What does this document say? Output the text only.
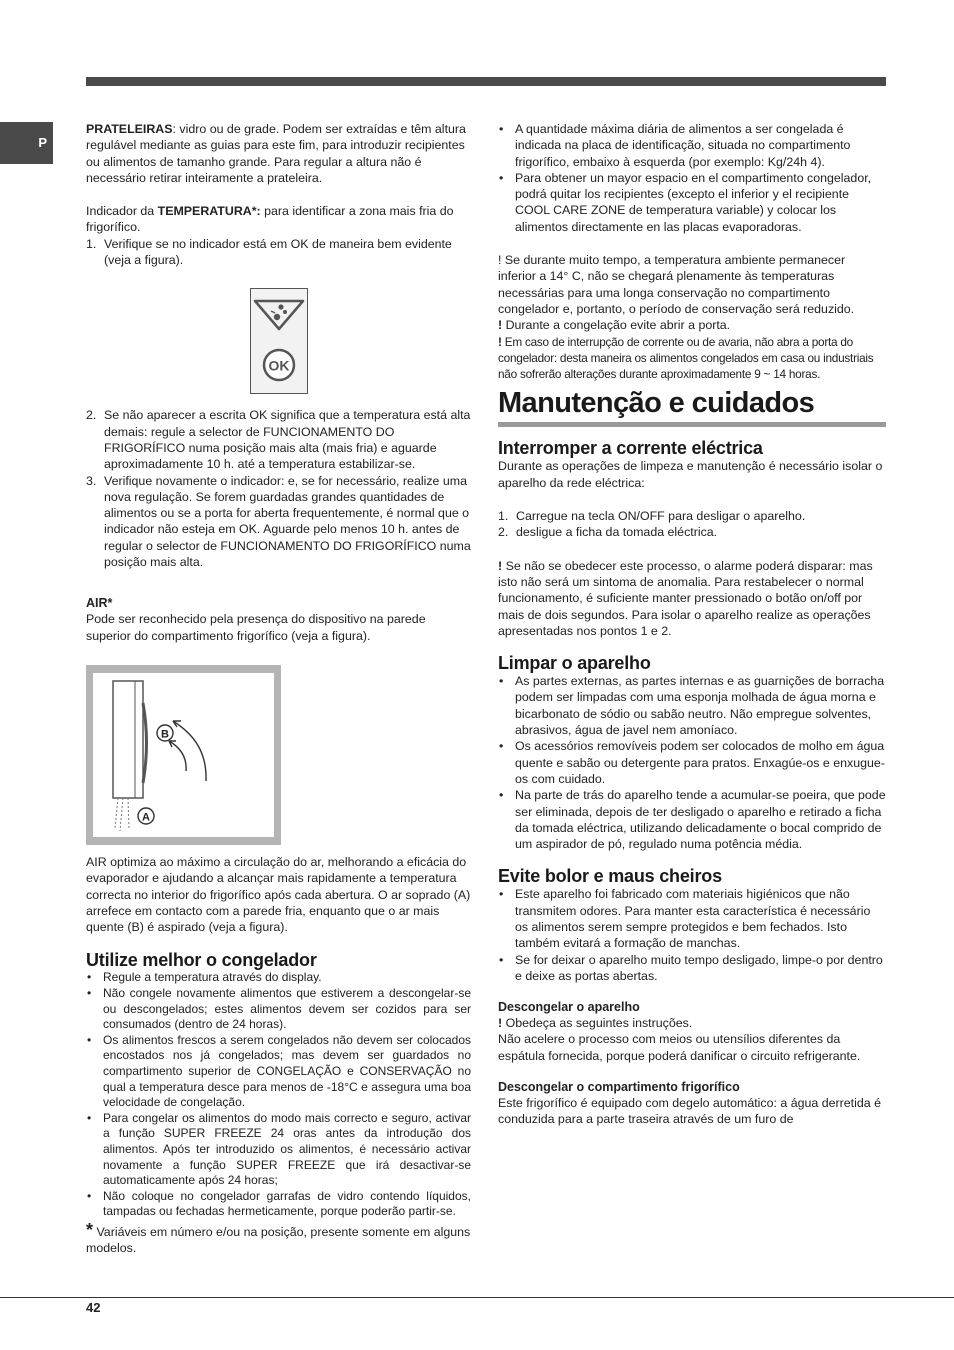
P

PRATELEIRAS: vidro ou de grade. Podem ser extraídas e têm altura regulável mediante as guias para este fim, para introduzir recipientes ou alimentos de tamanho grande. Para regular a altura não é necessário retirar inteiramente a prateleira.

Indicador da TEMPERATURA*: para identificar a zona mais fria do frigorífico.

1. Verifique se no indicador está em OK de maneira bem evidente (veja a figura).
2. Se não aparecer a escrita OK significa que a temperatura está alta demais: regule a selector de FUNCIONAMENTO DO FRIGORÍFICO numa posição mais alta (mais fria) e aguarde aproximadamente 10 h. até a temperatura estabilizar-se.
3. Verifique novamente o indicador: e, se for necessário, realize uma nova regulação. Se forem guardadas grandes quantidades de alimentos ou se a porta for aberta frequentemente, é normal que o indicador não esteja em OK. Aguarde pelo menos 10 h. antes de regular o selector de FUNCIONAMENTO DO FRIGORÍFICO numa posição mais alta.

AIR*

Pode ser reconhecido pela presença do dispositivo na parede superior do compartimento frigorífico (veja a figura).

AIR optimiza ao máximo a circulação do ar, melhorando a eficácia do evaporador e ajudando a alcançar mais rapidamente a temperatura correcta no interior do frigorífico após cada abertura. O ar soprado (A) arrefece em contacto com a parede fria, enquanto que o ar mais quente (B) é aspirado (veja a figura).

Utilize melhor o congelador

• Regule a temperatura através do display.
• Não congele novamente alimentos que estiverem a descongelar-se ou descongelados; estes alimentos devem ser cozidos para ser consumados (dentro de 24 horas).
• Os alimentos frescos a serem congelados não devem ser colocados encostados nos já congelados; mas devem ser guardados no compartimento superior de CONGELAÇÃO e CONSERVAÇÃO no qual a temperatura desce para menos de -18°C e assegura uma boa velocidade de congelação.
• Para congelar os alimentos do modo mais correcto e seguro, activar a função SUPER FREEZE 24 oras antes da introdução dos alimentos. Após ter introduzido os alimentos, é necessário activar novamente a função SUPER FREEZE que irá desactivar-se automaticamente após 24 horas;
• Não coloque no congelador garrafas de vidro contendo líquidos, tampadas ou fechadas hermeticamente, porque poderão partir-se.

* Variáveis em número e/ou na posição, presente somente em alguns modelos.

OK
B
A
• A quantidade máxima diária de alimentos a ser congelada é indicada na placa de identificação, situada no compartimento frigorífico, embaixo à esquerda (por exemplo: Kg/24h 4).
• Para obtener un mayor espacio en el compartimento congelador, podrá quitar los recipientes (excepto el inferior y el recipiente COOL CARE ZONE de temperatura variable) y colocar los alimentos directamente en las placas evaporadoras.

! Se durante muito tempo, a temperatura ambiente permanecer inferior a 14° C, não se chegará plenamente às temperaturas necessárias para uma longa conservação no compartimento congelador e, portanto, o período de conservação será reduzido.

! Durante a congelação evite abrir a porta.

! Em caso de interrupção de corrente ou de avaria, não abra a porta do congelador: desta maneira os alimentos congelados em casa ou industriais não sofrerão alterações durante aproximadamente 9 ~ 14 horas.

Manutenção e cuidados

Interromper a corrente eléctrica

Durante as operações de limpeza e manutenção é necessário isolar o aparelho da rede eléctrica:

1. Carregue na tecla ON/OFF para desligar o aparelho.
2. desligue a ficha da tomada eléctrica.

! Se não se obedecer este processo, o alarme poderá disparar: mas isto não será um sintoma de anomalia. Para restabelecer o normal funcionamento, é suficiente manter pressionado o botão on/off por mais de dois segundos. Para isolar o aparelho realize as operações apresentadas nos pontos 1 e 2.

Limpar o aparelho

• As partes externas, as partes internas e as guarnições de borracha podem ser limpadas com uma esponja molhada de água morna e bicarbonato de sódio ou sabão neutro. Não empregue solventes, abrasivos, água de javel nem amoníaco.
• Os acessórios removíveis podem ser colocados de molho em água quente e sabão ou detergente para pratos. Enxagúe-os e enxugue-os com cuidado.
• Na parte de trás do aparelho tende a acumular-se poeira, que pode ser eliminada, depois de ter desligado o aparelho e retirado a ficha da tomada eléctrica, utilizando delicadamente o bocal comprido de um aspirador de pó, regulado numa potência média.

Evite bolor e maus cheiros

• Este aparelho foi fabricado com materiais higiénicos que não transmitem odores. Para manter esta característica é necessário os alimentos serem sempre protegidos e bem fechados. Isto também evitará a formação de manchas.
• Se for deixar o aparelho muito tempo desligado, limpe-o por dentro e deixe as portas abertas.

Descongelar o aparelho

! Obedeça as seguintes instruções.

Não acelere o processo com meios ou utensílios diferentes da espátula fornecida, porque poderá danificar o circuito refrigerante.

Descongelar o compartimento frigorífico

Este frigorífico é equipado com degelo automático: a água derretida é conduzida para a parte traseira através de um furo de

42
